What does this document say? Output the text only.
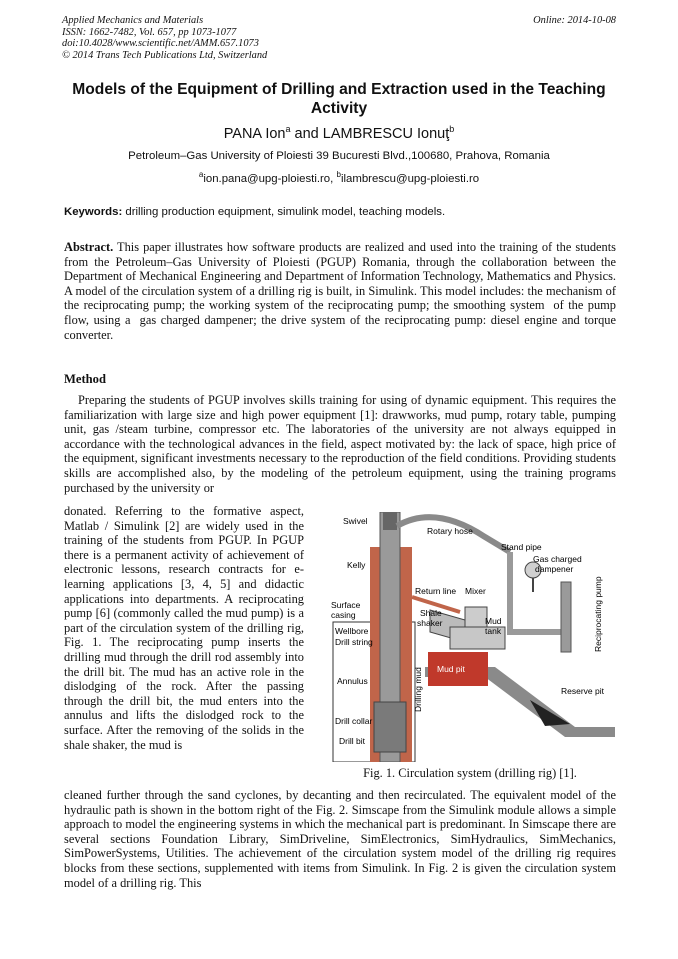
Applied Mechanics and Materials
ISSN: 1662-7482, Vol. 657, pp 1073-1077
doi:10.4028/www.scientific.net/AMM.657.1073
© 2014 Trans Tech Publications Ltd, Switzerland
Online: 2014-10-08
Models of the Equipment of Drilling and Extraction used in the Teaching Activity
PANA Ion$^a$ and LAMBRESCU Ionuţ$^b$
Petroleum–Gas University of Ploiesti 39 Bucuresti Blvd.,100680, Prahova, Romania
$^a$ion.pana@upg-ploiesti.ro, $^b$ilambrescu@upg-ploiesti.ro
Keywords: drilling production equipment, simulink model, teaching models.
Abstract. This paper illustrates how software products are realized and used into the training of the students from the Petroleum–Gas University of Ploiesti (PGUP) Romania, through the collaboration between the Department of Mechanical Engineering and Department of Information Technology, Mathematics and Physics. A model of the circulation system of a drilling rig is built, in Simulink. This model includes: the mechanism of the reciprocating pump; the working system of the reciprocating pump; the smoothing system  of the pump flow, using a  gas charged dampener; the drive system of the reciprocating pump: diesel engine and torque converter.
Method
Preparing the students of PGUP involves skills training for using of dynamic equipment. This requires the familiarization with large size and high power equipment [1]: drawworks, mud pump, rotary table, pumping unit, gas /steam turbine, compressor etc. The laboratories of the university are not always equipped in accordance with the technological advances in the field, aspect motivated by: the lack of space, high price of the equipment, significant investments necessary to the reproduction of the field conditions. Providing students skills are accomplished also, by the modeling of the petroleum equipment, using the training programs purchased by the university or
donated. Referring to the formative aspect, Matlab / Simulink [2] are widely used in the training of the students from PGUP. In PGUP there is a permanent activity of achievement of electronic lessons, research contracts for e-learning applications [3, 4, 5] and didactic applications into departments. A reciprocating pump [6] (commonly called the mud pump) is a part of the circulation system of the drilling rig, Fig. 1. The reciprocating pump inserts the drilling mud through the drill rod assembly into the drill bit. The mud has an active role in the dislodging of the rock. After the passing through the drill bit, the mud enters into the annulus and lifts the dislodged rock to the surface. After the removing of the solids in the shale shaker, the mud is
Swivel
Rotary hose
Stand pipe
Kelly
Gas charged
dampener
Return line Mixer
Surface
casing	Shale
shaker	Mud
tank	Reciprocating pump
Mud pit
Wellbore
Drill string
Drilling mud
Annulus
Drill collar
Drill bit
Reserve pit
Fig. 1. Circulation system (drilling rig) [1].
cleaned further through the sand cyclones, by decanting and then recirculated. The equivalent model of the hydraulic path is shown in the bottom right of the Fig. 2. Simscape from the Simulink module allows a simple approach to model the engineering systems in which the mechanical part is predominant. In Simscape there are several sections Foundation Library, SimDriveline, SimElectronics, SimHydraulics, SimMechanics, SimPowerSystems, Utilities. The achievement of the circulation system model of the drilling rig requires blocks from these sections, supplemented with items from Simulink. In Fig. 2 is given the circulation system model of a drilling rig. This
